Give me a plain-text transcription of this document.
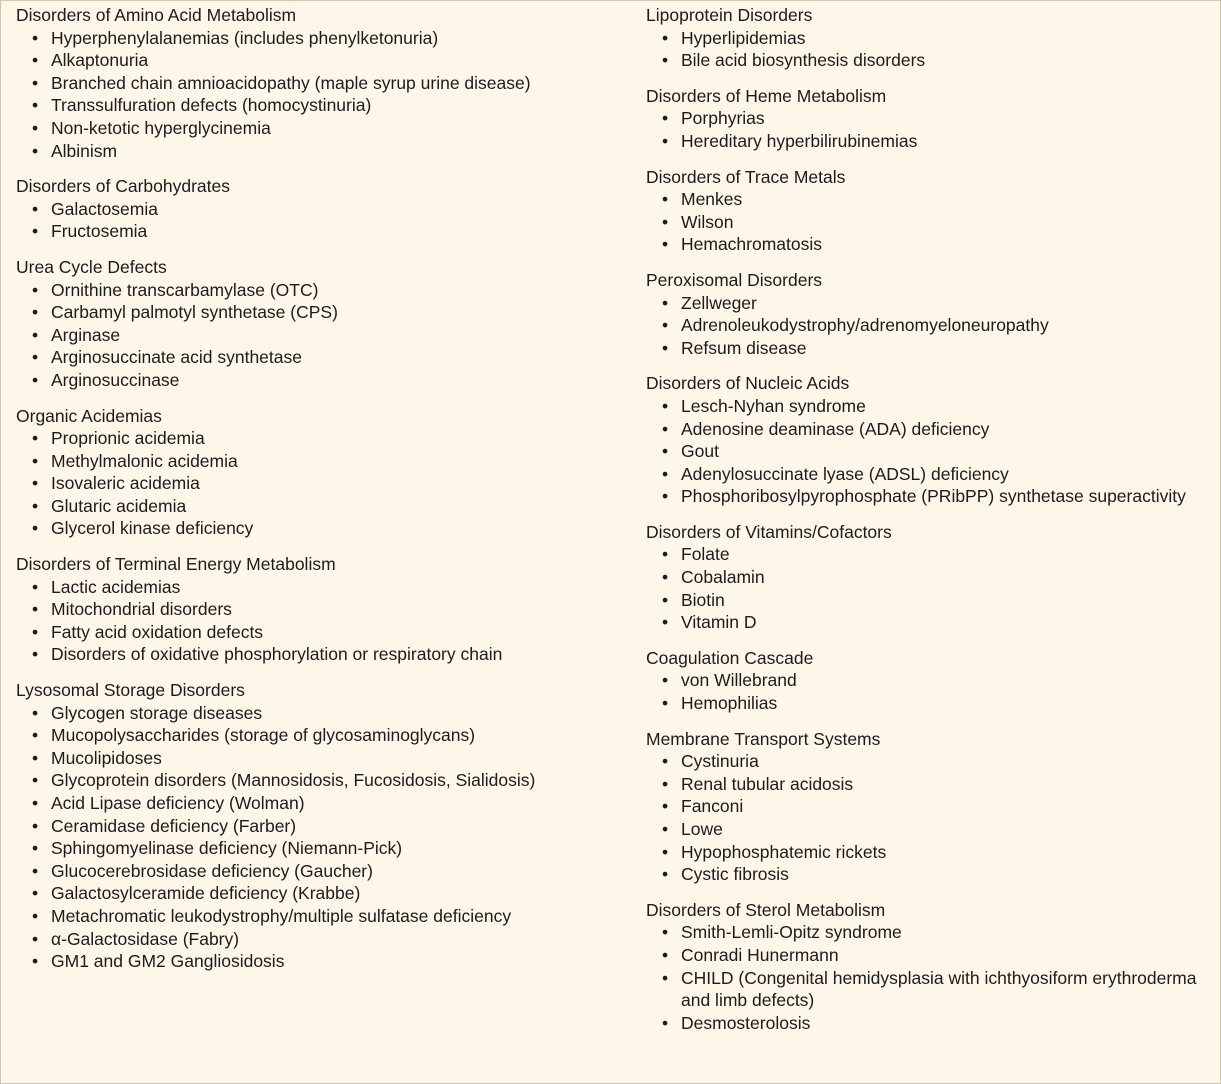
Disorders of Amino Acid Metabolism
• Hyperphenylalanemias (includes phenylketonuria)
• Alkaptonuria
• Branched chain amnioacidopathy (maple syrup urine disease)
• Transsulfuration defects (homocystinuria)
• Non-ketotic hyperglycinemia
• Albinism
Disorders of Carbohydrates
• Galactosemia
• Fructosemia
Urea Cycle Defects
• Ornithine transcarbamylase (OTC)
• Carbamyl palmotyl synthetase (CPS)
• Arginase
• Arginosuccinate acid synthetase
• Arginosuccinase
Organic Acidemias
• Proprionic acidemia
• Methylmalonic acidemia
• Isovaleric acidemia
• Glutaric acidemia
• Glycerol kinase deficiency
Disorders of Terminal Energy Metabolism
• Lactic acidemias
• Mitochondrial disorders
• Fatty acid oxidation defects
• Disorders of oxidative phosphorylation or respiratory chain
Lysosomal Storage Disorders
• Glycogen storage diseases
• Mucopolysaccharides (storage of glycosaminoglycans)
• Mucolipidoses
• Glycoprotein disorders (Mannosidosis, Fucosidosis, Sialidosis)
• Acid Lipase deficiency (Wolman)
• Ceramidase deficiency (Farber)
• Sphingomyelinase deficiency (Niemann-Pick)
• Glucocerebrosidase deficiency (Gaucher)
• Galactosylceramide deficiency (Krabbe)
• Metachromatic leukodystrophy/multiple sulfatase deficiency
• α-Galactosidase (Fabry)
• GM1 and GM2 Gangliosidosis
Lipoprotein Disorders
• Hyperlipidemias
• Bile acid biosynthesis disorders
Disorders of Heme Metabolism
• Porphyrias
• Hereditary hyperbilirubinemias
Disorders of Trace Metals
• Menkes
• Wilson
• Hemachromatosis
Peroxisomal Disorders
• Zellweger
• Adrenoleukodystrophy/adrenomyeloneuropathy
• Refsum disease
Disorders of Nucleic Acids
• Lesch-Nyhan syndrome
• Adenosine deaminase (ADA) deficiency
• Gout
• Adenylosuccinate lyase (ADSL) deficiency
• Phosphoribosylpyrophosphate (PRibPP) synthetase superactivity
Disorders of Vitamins/Cofactors
• Folate
• Cobalamin
• Biotin
• Vitamin D
Coagulation Cascade
• von Willebrand
• Hemophilias
Membrane Transport Systems
• Cystinuria
• Renal tubular acidosis
• Fanconi
• Lowe
• Hypophosphatemic rickets
• Cystic fibrosis
Disorders of Sterol Metabolism
• Smith-Lemli-Opitz syndrome
• Conradi Hunermann
• CHILD (Congenital hemidysplasia with ichthyosiform erythroderma and limb defects)
• Desmosterolosis
